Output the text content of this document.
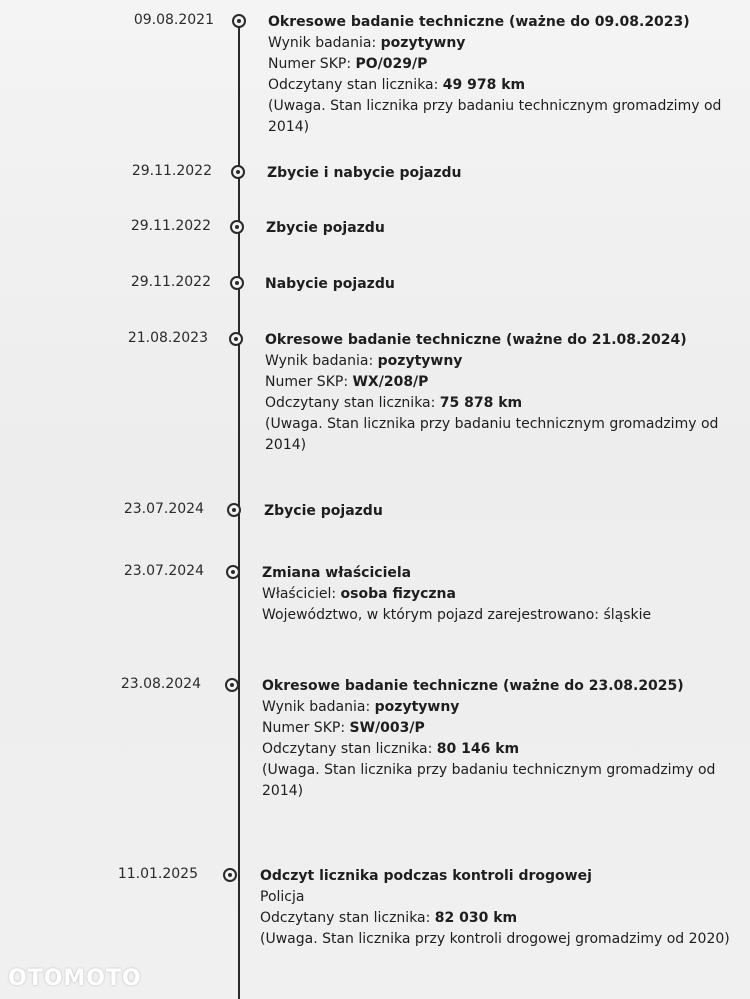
09.08.2021	Okresowe badanie techniczne (ważne do 09.08.2023)

Wynik badania: pozytywny

Numer SKP: PO/029/P

Odczytany stan licznika: 49 978 km

(Uwaga. Stan licznika przy badaniu technicznym gromadzimy od 2014)

29.11.2022	Zbycie i nabycie pojazdu

29.11.2022	Zbycie pojazdu

29.11.2022	Nabycie pojazdu

21.08.2023	Okresowe badanie techniczne (ważne do 21.08.2024)

Wynik badania: pozytywny

Numer SKP: WX/208/P

Odczytany stan licznika: 75 878 km

(Uwaga. Stan licznika przy badaniu technicznym gromadzimy od 2014)

23.07.2024	Zbycie pojazdu

23.07.2024	Zmiana właściciela

Właściciel: osoba fizyczna

Województwo, w którym pojazd zarejestrowano: śląskie

23.08.2024	Okresowe badanie techniczne (ważne do 23.08.2025)

Wynik badania: pozytywny

Numer SKP: SW/003/P

Odczytany stan licznika: 80 146 km

(Uwaga. Stan licznika przy badaniu technicznym gromadzimy od 2014)

11.01.2025	Odczyt licznika podczas kontroli drogowej

Policja

Odczytany stan licznika: 82 030 km

(Uwaga. Stan licznika przy kontroli drogowej gromadzimy od 2020)

OTOMOTO
